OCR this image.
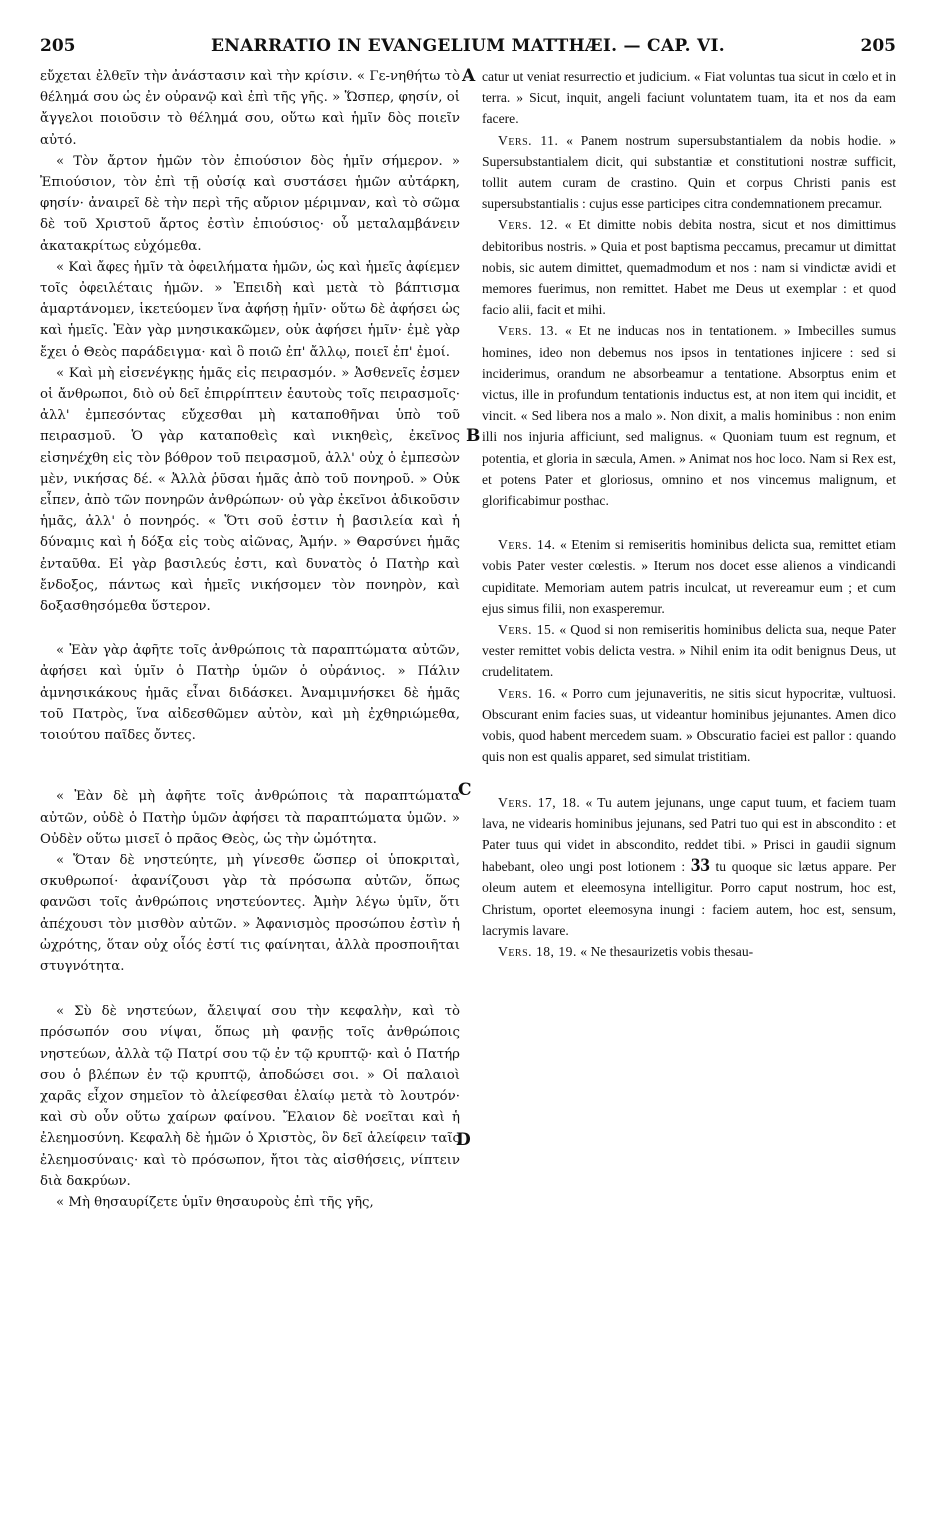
205	ENARRATIO IN EVANGELIUM MATTHÆI. — CAP. VI.	205
A
B
C
D

εὔχεται ἐλθεῖν τὴν ἀνάστασιν καὶ τὴν κρίσιν. « Γε-νηθήτω τὸ θέλημά σου ὡς ἐν οὐρανῷ καὶ ἐπὶ τῆς γῆς. » Ὥσπερ, φησίν, οἱ ἄγγελοι ποιοῦσιν τὸ θέλημά σου, οὕτω καὶ ἡμῖν δὸς ποιεῖν αὐτό.

« Τὸν ἄρτον ἡμῶν τὸν ἐπιούσιον δὸς ἡμῖν σήμερον. » Ἐπιούσιον, τὸν ἐπὶ τῇ οὐσίᾳ καὶ συστάσει ἡμῶν αὐτάρκη, φησίν· ἀναιρεῖ δὲ τὴν περὶ τῆς αὔριον μέριμναν, καὶ τὸ σῶμα δὲ τοῦ Χριστοῦ ἄρτος ἐστὶν ἐπιούσιος· οὗ μεταλαμβάνειν ἀκατακρίτως εὐχόμεθα.

« Καὶ ἄφες ἡμῖν τὰ ὀφειλήματα ἡμῶν, ὡς καὶ ἡμεῖς ἀφίεμεν τοῖς ὀφειλέταις ἡμῶν. » Ἐπειδὴ καὶ μετὰ τὸ βάπτισμα ἁμαρτάνομεν, ἱκετεύομεν ἵνα ἀφήσῃ ἡμῖν· οὕτω δὲ ἀφήσει ὡς καὶ ἡμεῖς. Ἐὰν γὰρ μνησικακῶμεν, οὐκ ἀφήσει ἡμῖν· ἐμὲ γὰρ ἔχει ὁ Θεὸς παράδειγμα· καὶ ὃ ποιῶ ἐπ' ἄλλῳ, ποιεῖ ἐπ' ἐμοί.

« Καὶ μὴ εἰσενέγκῃς ἡμᾶς εἰς πειρασμόν. » Ἀσθενεῖς ἐσμεν οἱ ἄνθρωποι, διὸ οὐ δεῖ ἐπιρρίπτειν ἑαυτοὺς τοῖς πειρασμοῖς· ἀλλ' ἐμπεσόντας εὔχεσθαι μὴ καταποθῆναι ὑπὸ τοῦ πειρασμοῦ. Ὁ γὰρ καταποθεὶς καὶ νικηθεὶς, ἐκεῖνος εἰσηνέχθη εἰς τὸν βόθρον τοῦ πειρασμοῦ, ἀλλ' οὐχ ὁ ἐμπεσὼν μὲν, νικήσας δέ. « Ἀλλὰ ῥῦσαι ἡμᾶς ἀπὸ τοῦ πονηροῦ. » Οὐκ εἶπεν, ἀπὸ τῶν πονηρῶν ἀνθρώπων· οὐ γὰρ ἐκεῖνοι ἀδικοῦσιν ἡμᾶς, ἀλλ' ὁ πονηρός. « Ὅτι σοῦ ἐστιν ἡ βασιλεία καὶ ἡ δύναμις καὶ ἡ δόξα εἰς τοὺς αἰῶνας, Ἀμήν. » Θαρσύνει ἡμᾶς ἐνταῦθα. Εἰ γὰρ βασιλεύς ἐστι, καὶ δυνατὸς ὁ Πατὴρ καὶ ἔνδοξος, πάντως καὶ ἡμεῖς νικήσομεν τὸν πονηρὸν, καὶ δοξασθησόμεθα ὕστερον.

« Ἐὰν γὰρ ἀφῆτε τοῖς ἀνθρώποις τὰ παραπτώματα αὐτῶν, ἀφήσει καὶ ὑμῖν ὁ Πατὴρ ὑμῶν ὁ οὐράνιος. » Πάλιν ἀμνησικάκους ἡμᾶς εἶναι διδάσκει. Ἀναμιμνήσκει δὲ ἡμᾶς τοῦ Πατρὸς, ἵνα αἰδεσθῶμεν αὐτὸν, καὶ μὴ ἐχθηριώμεθα, τοιούτου παῖδες ὄντες.

« Ἐὰν δὲ μὴ ἀφῆτε τοῖς ἀνθρώποις τὰ παραπτώματα αὐτῶν, οὐδὲ ὁ Πατὴρ ὑμῶν ἀφήσει τὰ παραπτώματα ὑμῶν. » Οὐδὲν οὕτω μισεῖ ὁ πρᾶος Θεὸς, ὡς τὴν ὠμότητα.

« Ὅταν δὲ νηστεύητε, μὴ γίνεσθε ὥσπερ οἱ ὑποκριταὶ, σκυθρωποί· ἀφανίζουσι γὰρ τὰ πρόσωπα αὐτῶν, ὅπως φανῶσι τοῖς ἀνθρώποις νηστεύοντες. Ἀμὴν λέγω ὑμῖν, ὅτι ἀπέχουσι τὸν μισθὸν αὐτῶν. » Ἀφανισμὸς προσώπου ἐστὶν ἡ ὠχρότης, ὅταν οὐχ οἷός ἐστί τις φαίνηται, ἀλλὰ προσποιῆται στυγνότητα.

« Σὺ δὲ νηστεύων, ἄλειψαί σου τὴν κεφαλὴν, καὶ τὸ πρόσωπόν σου νίψαι, ὅπως μὴ φανῇς τοῖς ἀνθρώποις νηστεύων, ἀλλὰ τῷ Πατρί σου τῷ ἐν τῷ κρυπτῷ· καὶ ὁ Πατήρ σου ὁ βλέπων ἐν τῷ κρυπτῷ, ἀποδώσει σοι. » Οἱ παλαιοὶ χαρᾶς εἶχον σημεῖον τὸ ἀλείφεσθαι ἐλαίῳ μετὰ τὸ λουτρόν· καὶ σὺ οὖν οὕτω χαίρων φαίνου. Ἔλαιον δὲ νοεῖται καὶ ἡ ἐλεημοσύνη. Κεφαλὴ δὲ ἡμῶν ὁ Χριστὸς, ὃν δεῖ ἀλείφειν ταῖς ἐλεημοσύναις· καὶ τὸ πρόσωπον, ἤτοι τὰς αἰσθήσεις, νίπτειν διὰ δακρύων.

« Μὴ θησαυρίζετε ὑμῖν θησαυροὺς ἐπὶ τῆς γῆς,

catur ut veniat resurrectio et judicium. « Fiat voluntas tua sicut in cœlo et in terra. » Sicut, inquit, angeli faciunt voluntatem tuam, ita et nos da eam facere.

Vers. 11. « Panem nostrum supersubstantialem da nobis hodie. » Supersubstantialem dicit, qui substantiæ et constitutioni nostræ sufficit, tollit autem curam de crastino. Quin et corpus Christi panis est supersubstantialis : cujus esse participes citra condemnationem precamur.

Vers. 12. « Et dimitte nobis debita nostra, sicut et nos dimittimus debitoribus nostris. » Quia et post baptisma peccamus, precamur ut dimittat nobis, sic autem dimittet, quemadmodum et nos : nam si vindictæ avidi et memores fuerimus, non remittet. Habet me Deus ut exemplar : et quod facio alii, facit et mihi.

Vers. 13. « Et ne inducas nos in tentationem. » Imbecilles sumus homines, ideo non debemus nos ipsos in tentationes injicere : sed si inciderimus, orandum ne absorbeamur a tentatione. Absorptus enim et victus, ille in profundum tentationis inductus est, at non item qui incidit, et vincit. « Sed libera nos a malo ». Non dixit, a malis hominibus : non enim illi nos injuria afficiunt, sed malignus. « Quoniam tuum est regnum, et potentia, et gloria in sæcula, Amen. » Animat nos hoc loco. Nam si Rex est, et potens Pater et gloriosus, omnino et nos vincemus malignum, et glorificabimur posthac.

Vers. 14. « Etenim si remiseritis hominibus delicta sua, remittet etiam vobis Pater vester cœlestis. » Iterum nos docet esse alienos a vindicandi cupiditate. Memoriam autem patris inculcat, ut revereamur eum ; et cum ejus simus filii, non exasperemur.

Vers. 15. « Quod si non remiseritis hominibus delicta sua, neque Pater vester remittet vobis delicta vestra. » Nihil enim ita odit benignus Deus, ut crudelitatem.

Vers. 16. « Porro cum jejunaveritis, ne sitis sicut hypocritæ, vultuosi. Obscurant enim facies suas, ut videantur hominibus jejunantes. Amen dico vobis, quod habent mercedem suam. » Obscuratio faciei est pallor : quando quis non est qualis apparet, sed simulat tristitiam.

Vers. 17, 18. « Tu autem jejunans, unge caput tuum, et faciem tuam lava, ne videaris hominibus jejunans, sed Patri tuo qui est in abscondito : et Pater tuus qui videt in abscondito, reddet tibi. » Prisci in gaudii signum habebant, oleo ungi post lotionem : 33 tu quoque sic lætus appare. Per oleum autem et eleemosyna intelligitur. Porro caput nostrum, hoc est, Christum, oportet eleemosyna inungi : faciem autem, hoc est, sensum, lacrymis lavare.

Vers. 18, 19. « Ne thesaurizetis vobis thesau-
